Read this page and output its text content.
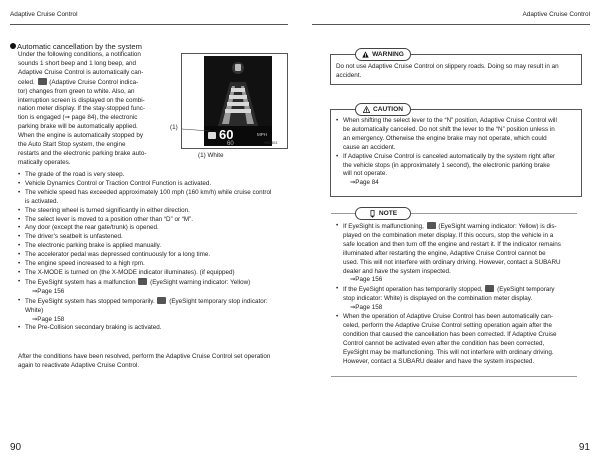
Adaptive Cruise Control	Adaptive Cruise Control
Automatic cancellation by the system

Under the following conditions, a notification

sounds 1 short beep and 1 long beep, and

Adaptive Cruise Control is automatically can-

celed.  (Adaptive Cruise Control indica-

tor) changes from green to white. Also, an

interruption screen is displayed on the combi-

nation meter display. If the stay-stopped func-

tion is engaged (⇒ page 84), the electronic

parking brake will be automatically applied.

When the engine is automatically stopped by

the Auto Start Stop system, the engine

restarts and the electronic parking brake auto-

matically operates.

60	MPH
60	H01303
(1)
(1) White
• The grade of the road is very steep.
• Vehicle Dynamics Control or Traction Control Function is activated.
• The vehicle speed has exceeded approximately 100 mph (160 km/h) while cruise control

is activated.

• The steering wheel is turned significantly in either direction.
• The select lever is moved to a position other than “D” or “M”.
• Any door (except the rear gate/trunk) is opened.
• The driver’s seatbelt is unfastened.
• The electronic parking brake is applied manually.
• The accelerator pedal was depressed continuously for a long time.
• The engine speed increased to a high rpm.
• The X-MODE is turned on (the X-MODE indicator illuminates). (if equipped)
• The EyeSight system has a malfunction  (EyeSight warning indicator: Yellow)

⇒ Page 156

• The EyeSight system has stopped temporarily.  (EyeSight temporary stop indicator:

White)

⇒ Page 158

• The Pre-Collision secondary braking is activated.

After the conditions have been resolved, perform the Adaptive Cruise Control set operation

again to reactivate Adaptive Cruise Control.

90
WARNING

Do not use Adaptive Cruise Control on slippery roads. Doing so may result in an

accident.

CAUTION
• When shifting the select lever to the “N” position, Adaptive Cruise Control will
be automatically canceled. Do not shift the lever to the “N” position unless in
an emergency. Otherwise the engine brake may not operate, which could
cause an accident.
• If Adaptive Cruise Control is canceled automatically by the system right after
the vehicle stops (in approximately 1 second), the electronic parking brake
will not operate.

⇒ Page 84

NOTE
• If EyeSight is malfunctioning,  (EyeSight warning indicator: Yellow) is dis-
played on the combination meter display. If this occurs, stop the vehicle in a
safe location and then turn off the engine and restart it. If the indicator remains
illuminated after restarting the engine, Adaptive Cruise Control cannot be
used. This will not interfere with ordinary driving. However, contact a SUBARU
dealer and have the system inspected.

⇒ Page 156

• If the EyeSight operation has temporarily stopped,  (EyeSight temporary
stop indicator: White) is displayed on the combination meter display.

⇒ Page 158

• When the operation of Adaptive Cruise Control has been automatically can-
celed, perform the Adaptive Cruise Control setting operation again after the
condition that caused the cancellation has been corrected. If Adaptive Cruise
Control cannot be activated even after the condition has been corrected,
EyeSight may be malfunctioning. This will not interfere with ordinary driving.
However, contact a SUBARU dealer and have the system inspected.
91
